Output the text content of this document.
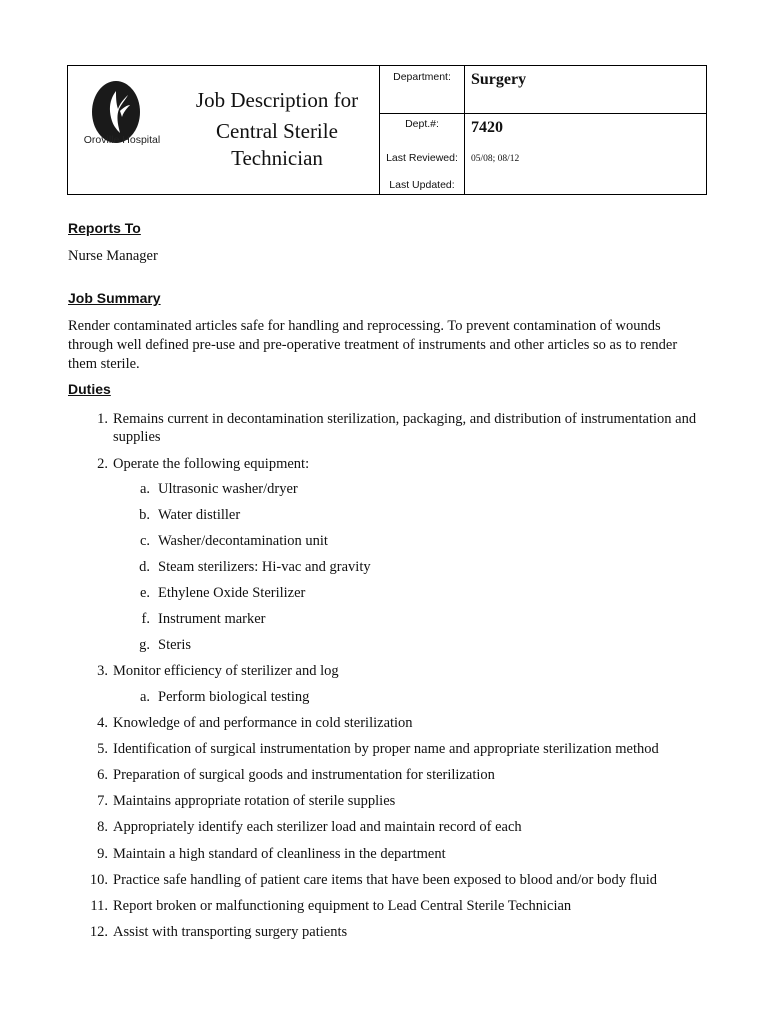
Oroville Hospital
Job Description for
Central Sterile
Technician
Department:	Surgery
Dept.#:	7420
Last Reviewed:	05/08; 08/12
Last Updated:
Reports To
Nurse Manager
Job Summary
Render contaminated articles safe for handling and reprocessing. To prevent contamination of wounds through well defined pre-use and pre-operative treatment of instruments and other articles so as to render them sterile.
Duties
1. Remains current in decontamination sterilization, packaging, and distribution of instrumentation and supplies
2. Operate the following equipment:
a. Ultrasonic washer/dryer
b. Water distiller
c. Washer/decontamination unit
d. Steam sterilizers: Hi-vac and gravity
e. Ethylene Oxide Sterilizer
f. Instrument marker
g. Steris
3. Monitor efficiency of sterilizer and log
a. Perform biological testing
4. Knowledge of and performance in cold sterilization
5. Identification of surgical instrumentation by proper name and appropriate sterilization method
6. Preparation of surgical goods and instrumentation for sterilization
7. Maintains appropriate rotation of sterile supplies
8. Appropriately identify each sterilizer load and maintain record of each
9. Maintain a high standard of cleanliness in the department
10. Practice safe handling of patient care items that have been exposed to blood and/or body fluid
11. Report broken or malfunctioning equipment to Lead Central Sterile Technician
12. Assist with transporting surgery patients
